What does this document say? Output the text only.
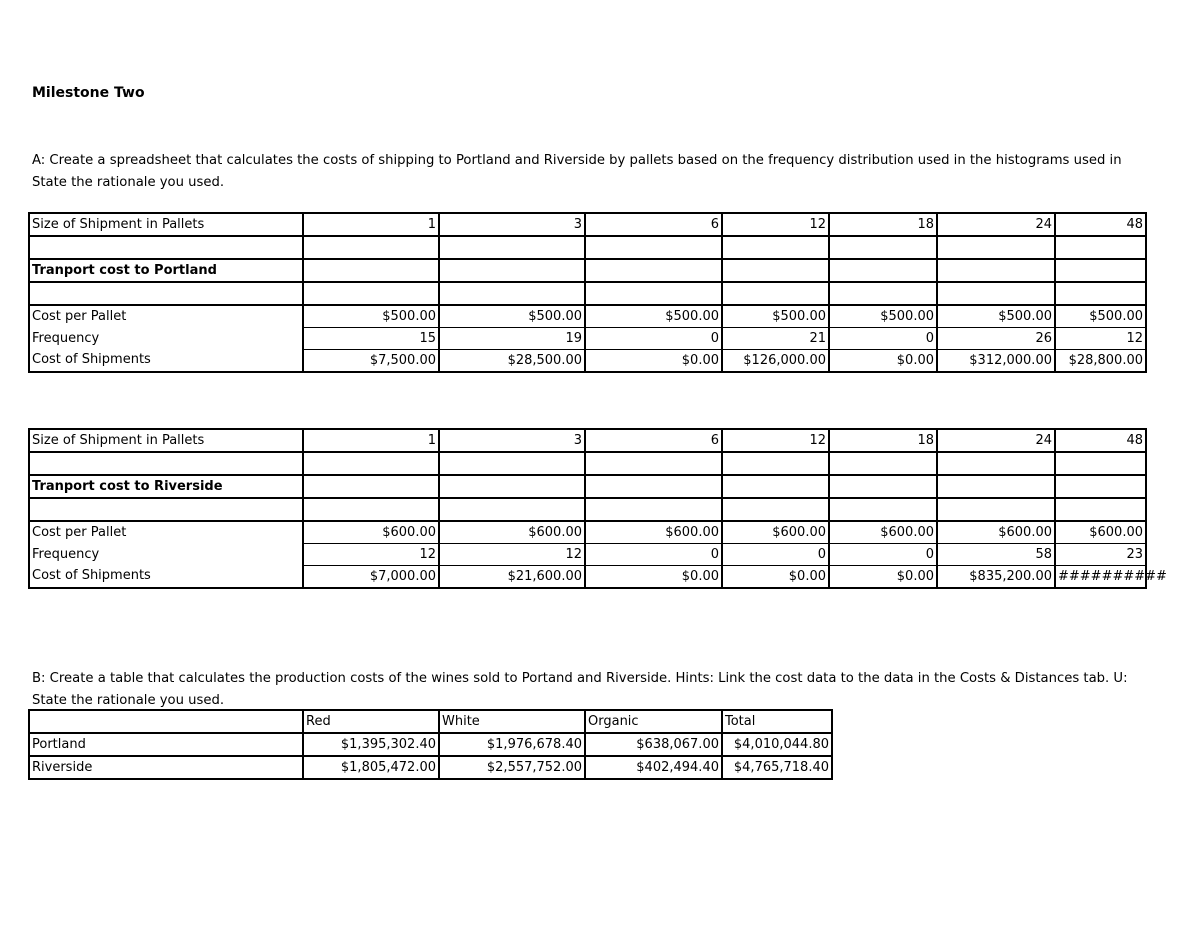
Milestone Two
A: Create a spreadsheet that calculates the costs of shipping to Portland and Riverside by pallets based on the frequency distribution used in the histograms used in
State the rationale you used.
Size of Shipment in Pallets	1	3	6	12	18	24	48

Tranport cost to Portland							

Cost per Pallet	$500.00	$500.00	$500.00	$500.00	$500.00	$500.00	$500.00
Frequency	15	19	0	21	0	26	12
Cost of Shipments	$7,500.00	$28,500.00	$0.00	$126,000.00	$0.00	$312,000.00	$28,800.00
Size of Shipment in Pallets	1	3	6	12	18	24	48

Tranport cost to Riverside							

Cost per Pallet	$600.00	$600.00	$600.00	$600.00	$600.00	$600.00	$600.00
Frequency	12	12	0	0	0	58	23
Cost of Shipments	$7,000.00	$21,600.00	$0.00	$0.00	$0.00	$835,200.00	##########
B: Create a table that calculates the production costs of the wines sold to Portand and Riverside. Hints: Link the cost data to the data in the Costs & Distances tab. U:
State the rationale you used.
	Red	White	Organic	Total
Portland	$1,395,302.40	$1,976,678.40	$638,067.00	$4,010,044.80
Riverside	$1,805,472.00	$2,557,752.00	$402,494.40	$4,765,718.40
